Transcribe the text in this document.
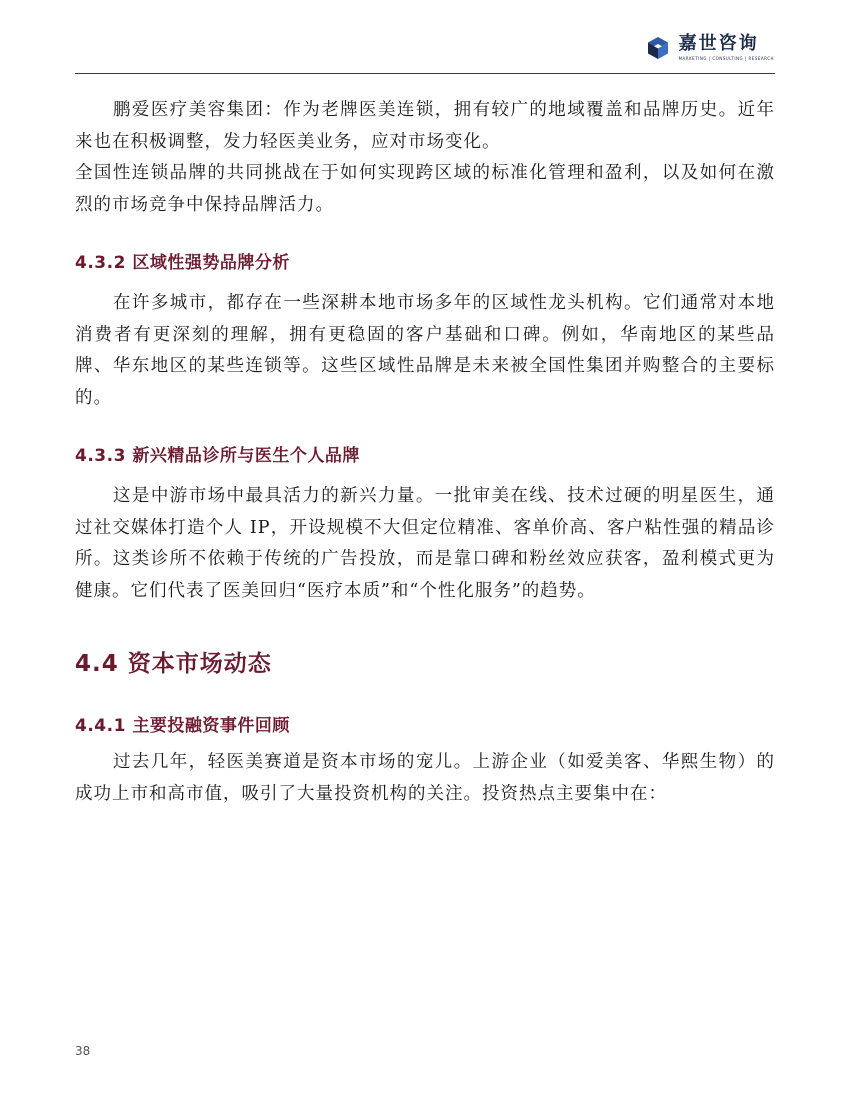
嘉世咨询
MARKETING | CONSULTING | RESEARCH

鹏爱医疗美容集团：作为老牌医美连锁，拥有较广的地域覆盖和品牌历史。近年来也在积极调整，发力轻医美业务，应对市场变化。

全国性连锁品牌的共同挑战在于如何实现跨区域的标准化管理和盈利，以及如何在激烈的市场竞争中保持品牌活力。

4.3.2 区域性强势品牌分析

在许多城市，都存在一些深耕本地市场多年的区域性龙头机构。它们通常对本地消费者有更深刻的理解，拥有更稳固的客户基础和口碑。例如，华南地区的某些品牌、华东地区的某些连锁等。这些区域性品牌是未来被全国性集团并购整合的主要标的。

4.3.3 新兴精品诊所与医生个人品牌

这是中游市场中最具活力的新兴力量。一批审美在线、技术过硬的明星医生，通过社交媒体打造个人 IP，开设规模不大但定位精准、客单价高、客户粘性强的精品诊所。这类诊所不依赖于传统的广告投放，而是靠口碑和粉丝效应获客，盈利模式更为健康。它们代表了医美回归“医疗本质”和“个性化服务”的趋势。

4.4 资本市场动态
4.4.1 主要投融资事件回顾

过去几年，轻医美赛道是资本市场的宠儿。上游企业（如爱美客、华熙生物）的成功上市和高市值，吸引了大量投资机构的关注。投资热点主要集中在：

38
